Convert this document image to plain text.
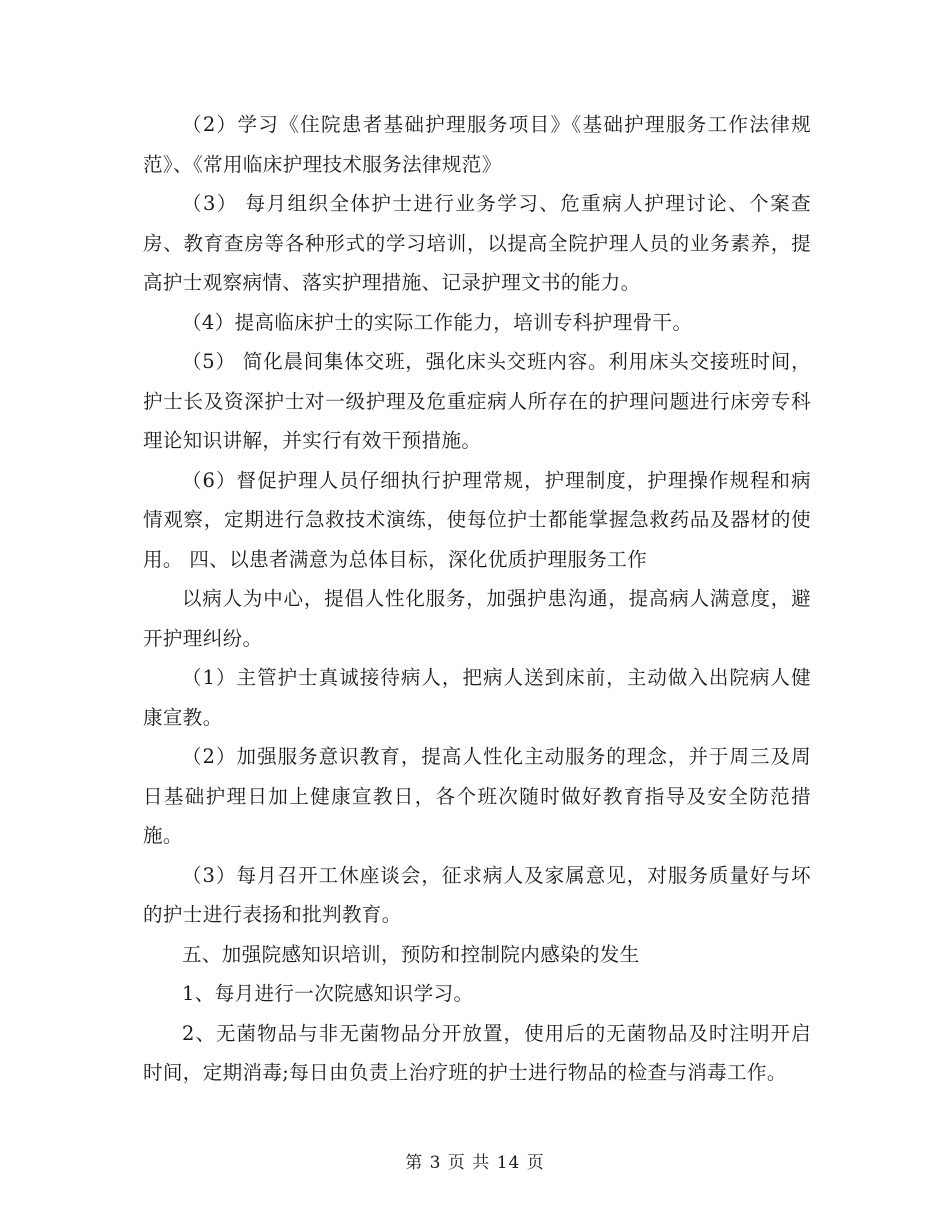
（2）学习《住院患者基础护理服务项目》《基础护理服务工作法律规范》、《常用临床护理技术服务法律规范》

（3） 每月组织全体护士进行业务学习、危重病人护理讨论、个案查房、教育查房等各种形式的学习培训，以提高全院护理人员的业务素养，提高护士观察病情、落实护理措施、记录护理文书的能力。

（4）提高临床护士的实际工作能力，培训专科护理骨干。

（5） 简化晨间集体交班，强化床头交班内容。利用床头交接班时间，护士长及资深护士对一级护理及危重症病人所存在的护理问题进行床旁专科理论知识讲解，并实行有效干预措施。

（6）督促护理人员仔细执行护理常规，护理制度，护理操作规程和病情观察，定期进行急救技术演练，使每位护士都能掌握急救药品及器材的使用。 四、以患者满意为总体目标，深化优质护理服务工作

以病人为中心，提倡人性化服务，加强护患沟通，提高病人满意度，避开护理纠纷。

（1）主管护士真诚接待病人，把病人送到床前，主动做入出院病人健康宣教。

（2）加强服务意识教育，提高人性化主动服务的理念，并于周三及周日基础护理日加上健康宣教日，各个班次随时做好教育指导及安全防范措施。

（3）每月召开工休座谈会，征求病人及家属意见，对服务质量好与坏的护士进行表扬和批判教育。

五、加强院感知识培训，预防和控制院内感染的发生

1、每月进行一次院感知识学习。

2、无菌物品与非无菌物品分开放置，使用后的无菌物品及时注明开启时间，定期消毒;每日由负责上治疗班的护士进行物品的检查与消毒工作。

第 3 页 共 14 页
